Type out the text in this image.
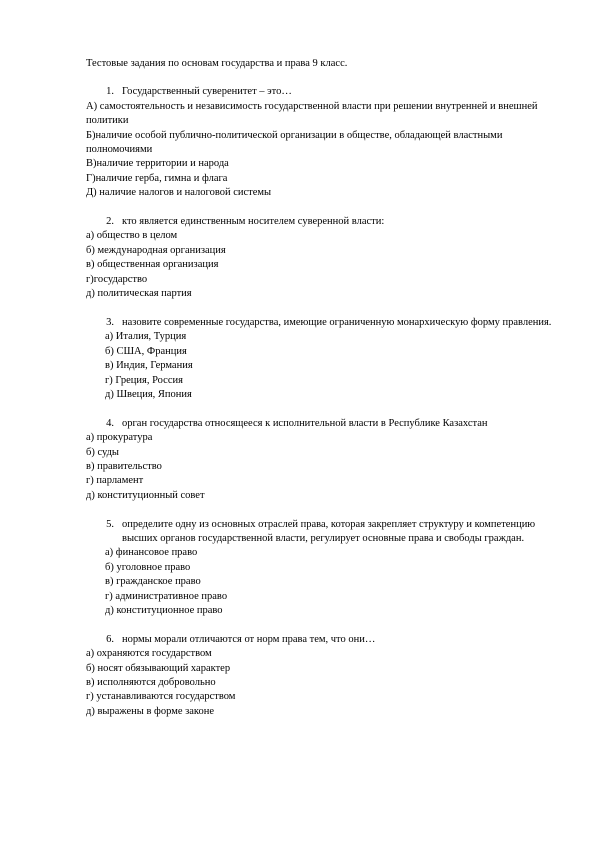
Тестовые задания по основам государства и права 9 класс.

1. Государственный суверенитет – это…

А) самостоятельность и независимость государственной власти при решении внутренней и внешней политики

Б)наличие особой публично-политической организации в обществе, обладающей властными полномочиями

В)наличие территории и народа

Г)наличие герба, гимна и флага

Д) наличие налогов и налоговой системы

2. кто является единственным носителем суверенной власти:

а) общество в целом

б) международная организация

в) общественная организация

г)государство

д) политическая партия

3. назовите современные государства, имеющие ограниченную монархическую форму правления.

а) Италия, Турция

б) США, Франция

в) Индия, Германия

г) Греция, Россия

д) Швеция, Япония

4. орган государства относящееся к исполнительной власти в Республике Казахстан

а) прокуратура

б) суды

в) правительство

г) парламент

д) конституционный совет

5. определите одну из основных отраслей права, которая закрепляет структуру и компетенцию высших органов государственной власти, регулирует основные права и свободы граждан.

а) финансовое право

б) уголовное право

в) гражданское право

г) административное право

д) конституционное право

6. нормы морали отличаются от норм права тем, что они…

а) охраняются государством

б) носят обязывающий характер

в) исполняются добровольно

г) устанавливаются государством

д) выражены в форме законе
